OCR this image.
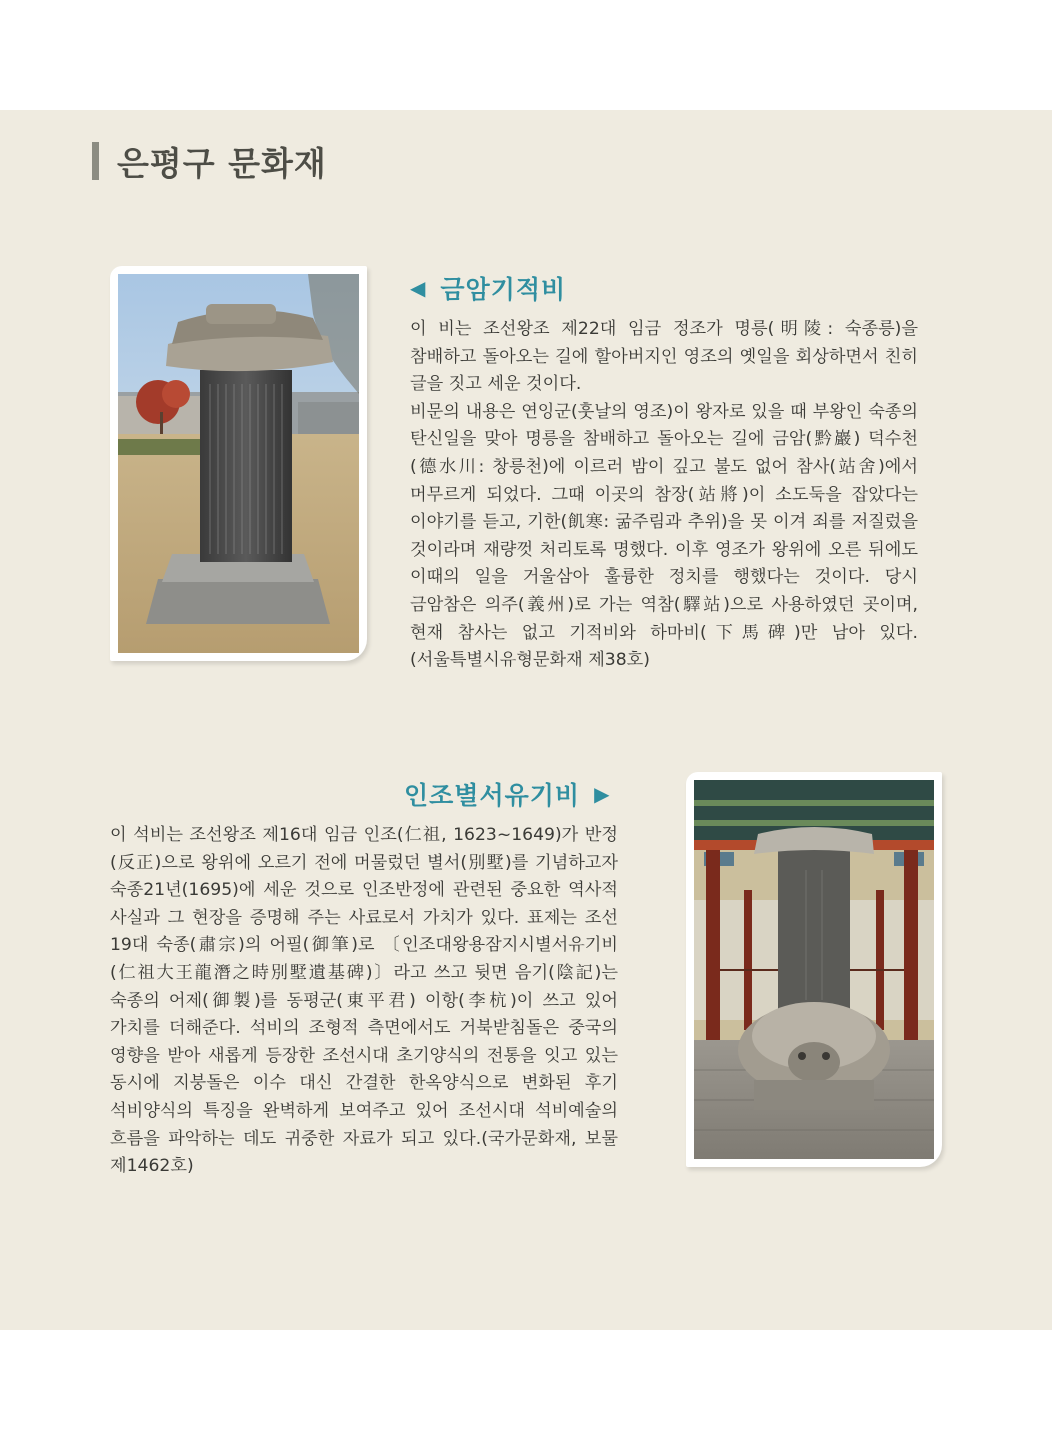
은평구 문화재
◀ 금암기적비
이 비는 조선왕조 제22대 임금 정조가 명릉(明陵: 숙종릉)을 참배하고 돌아오는 길에 할아버지인 영조의 옛일을 회상하면서 친히 글을 짓고 세운 것이다.
비문의 내용은 연잉군(훗날의 영조)이 왕자로 있을 때 부왕인 숙종의 탄신일을 맞아 명릉을 참배하고 돌아오는 길에 금암(黔巖) 덕수천(德水川: 창릉천)에 이르러 밤이 깊고 불도 없어 참사(站舍)에서 머무르게 되었다. 그때 이곳의 참장(站將)이 소도둑을 잡았다는 이야기를 듣고, 기한(飢寒: 굶주림과 추위)을 못 이겨 죄를 저질렀을 것이라며 재량껏 처리토록 명했다. 이후 영조가 왕위에 오른 뒤에도 이때의 일을 거울삼아 훌륭한 정치를 행했다는 것이다. 당시 금암참은 의주(義州)로 가는 역참(驛站)으로 사용하였던 곳이며, 현재 참사는 없고 기적비와 하마비(下馬碑)만 남아 있다.(서울특별시유형문화재 제38호)
인조별서유기비 ▶
이 석비는 조선왕조 제16대 임금 인조(仁祖, 1623~1649)가 반정(反正)으로 왕위에 오르기 전에 머물렀던 별서(別墅)를 기념하고자 숙종21년(1695)에 세운 것으로 인조반정에 관련된 중요한 역사적 사실과 그 현장을 증명해 주는 사료로서 가치가 있다. 표제는 조선 19대 숙종(肅宗)의 어필(御筆)로 〔인조대왕용잠지시별서유기비(仁祖大王龍潛之時別墅遺基碑)〕라고 쓰고 뒷면 음기(陰記)는 숙종의 어제(御製)를 동평군(東平君) 이항(李杭)이 쓰고 있어 가치를 더해준다. 석비의 조형적 측면에서도 거북받침돌은 중국의 영향을 받아 새롭게 등장한 조선시대 초기양식의 전통을 잇고 있는 동시에 지붕돌은 이수 대신 간결한 한옥양식으로 변화된 후기 석비양식의 특징을 완벽하게 보여주고 있어 조선시대 석비예술의 흐름을 파악하는 데도 귀중한 자료가 되고 있다.(국가문화재, 보물 제1462호)
